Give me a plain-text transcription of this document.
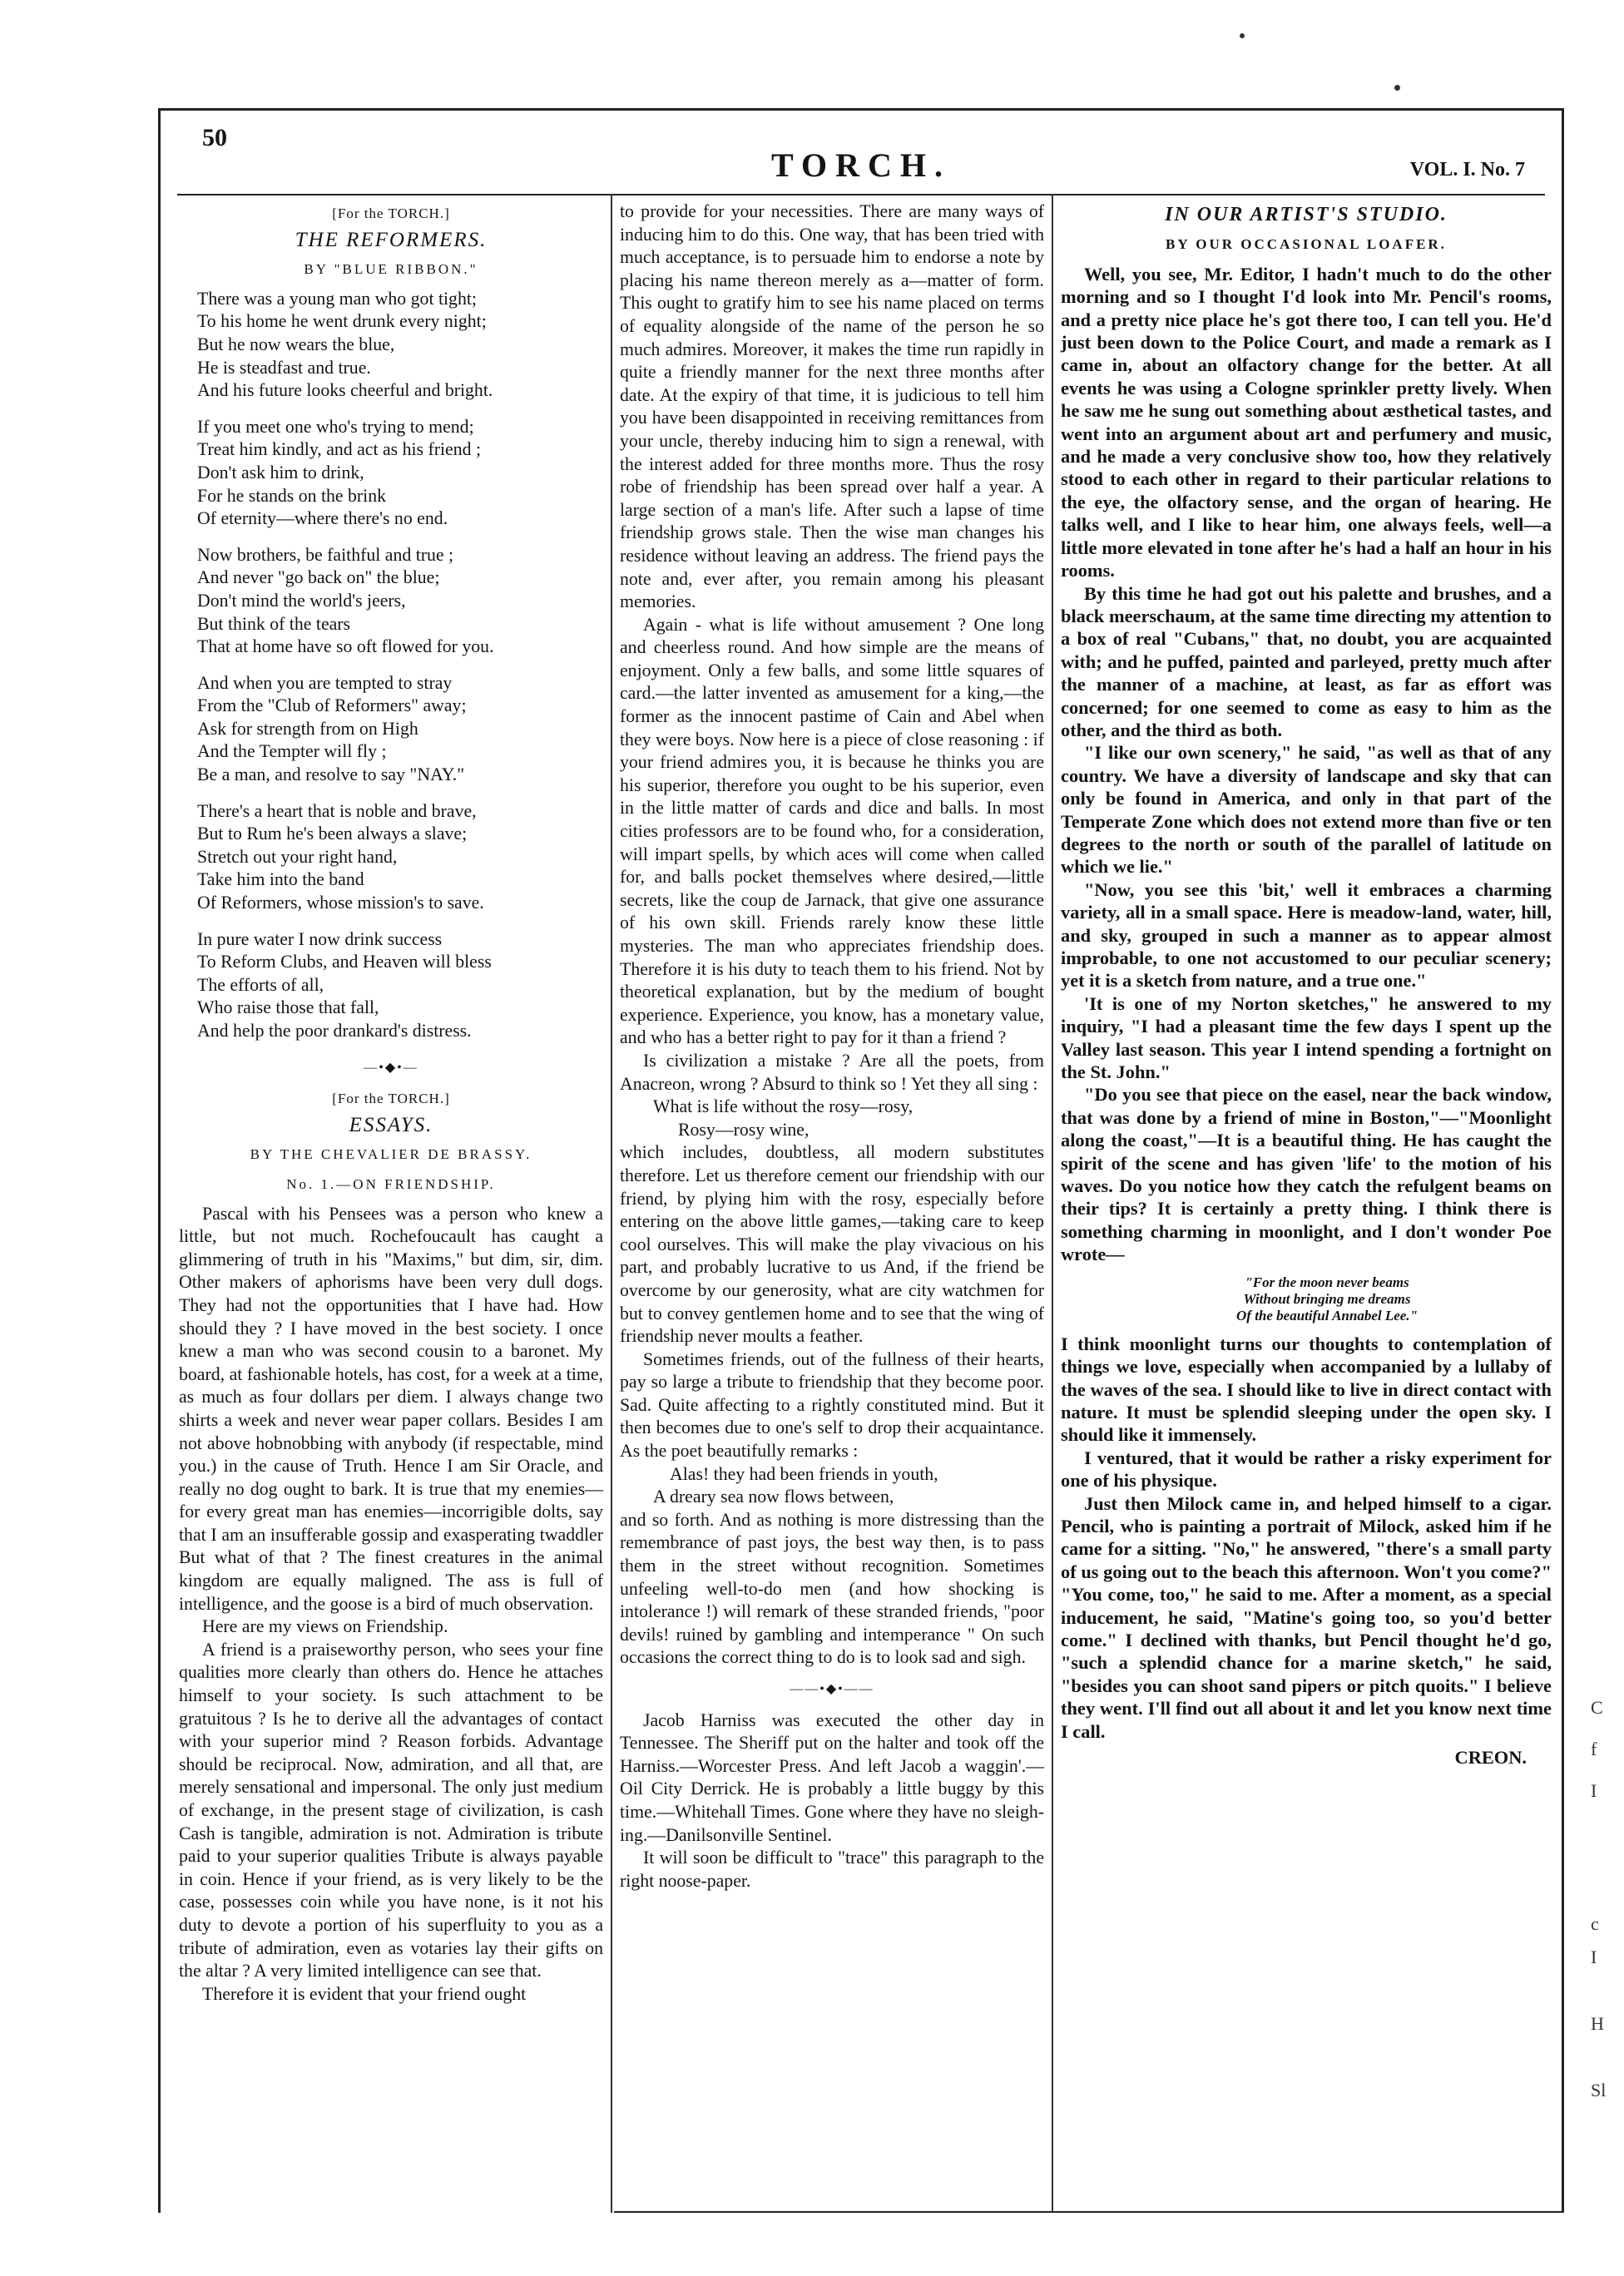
C
f
I
c
I
H
Sl
50
TORCH.	VOL. I. No. 7

[For the TORCH.]

THE REFORMERS.

BY "BLUE RIBBON."

There was a young man who got tight;
To his home he went drunk every night;
But he now wears the blue,
He is steadfast and true.
And his future looks cheerful and bright.
If you meet one who's trying to mend;
Treat him kindly, and act as his friend ;
Don't ask him to drink,
For he stands on the brink
Of eternity—where there's no end.
Now brothers, be faithful and true ;
And never "go back on" the blue;
Don't mind the world's jeers,
But think of the tears
That at home have so oft flowed for you.
And when you are tempted to stray
From the "Club of Reformers" away;
Ask for strength from on High
And the Tempter will fly ;
Be a man, and resolve to say "NAY."
There's a heart that is noble and brave,
But to Rum he's been always a slave;
Stretch out your right hand,
Take him into the band
Of Reformers, whose mission's to save.
In pure water I now drink success
To Reform Clubs, and Heaven will bless
The efforts of all,
Who raise those that fall,
And help the poor drankard's distress.

—•◆•—

[For the TORCH.]

ESSAYS.

BY THE CHEVALIER DE BRASSY.

No. 1.—ON FRIENDSHIP.

Pascal with his Pensees was a person who knew a little, but not much. Rochefoucault has caught a glimmering of truth in his "Maxims," but dim, sir, dim. Other makers of aphorisms have been very dull dogs. They had not the opportunities that I have had. How should they ? I have moved in the best society. I once knew a man who was second cousin to a baronet. My board, at fashionable hotels, has cost, for a week at a time, as much as four dollars per diem. I always change two shirts a week and never wear paper collars. Besides I am not above hobnobbing with anybody (if respectable, mind you.) in the cause of Truth. Hence I am Sir Oracle, and really no dog ought to bark. It is true that my enemies—for every great man has enemies—incorrigible dolts, say that I am an insufferable gossip and exasperating twaddler But what of that ? The finest creatures in the animal kingdom are equally maligned. The ass is full of intelligence, and the goose is a bird of much observation.

Here are my views on Friendship.

A friend is a praiseworthy person, who sees your fine qualities more clearly than others do. Hence he attaches himself to your society. Is such attachment to be gratuitous ? Is he to derive all the advantages of contact with your superior mind ? Reason forbids. Advantage should be reciprocal. Now, admiration, and all that, are merely sensational and impersonal. The only just medium of exchange, in the present stage of civilization, is cash Cash is tangible, admiration is not. Admiration is tribute paid to your superior qualities Tribute is always payable in coin. Hence if your friend, as is very likely to be the case, possesses coin while you have none, is it not his duty to devote a portion of his superfluity to you as a tribute of admiration, even as votaries lay their gifts on the altar ? A very limited intelligence can see that.

Therefore it is evident that your friend ought

to provide for your necessities. There are many ways of inducing him to do this. One way, that has been tried with much acceptance, is to persuade him to endorse a note by placing his name thereon merely as a—matter of form. This ought to gratify him to see his name placed on terms of equality alongside of the name of the person he so much admires. Moreover, it makes the time run rapidly in quite a friendly manner for the next three months after date. At the expiry of that time, it is judicious to tell him you have been disappointed in receiving remittances from your uncle, thereby inducing him to sign a renewal, with the interest added for three months more. Thus the rosy robe of friendship has been spread over half a year. A large section of a man's life. After such a lapse of time friendship grows stale. Then the wise man changes his residence without leaving an address. The friend pays the note and, ever after, you remain among his pleasant memories.

Again - what is life without amusement ? One long and cheerless round. And how simple are the means of enjoyment. Only a few balls, and some little squares of card.—the latter invented as amusement for a king,—the former as the innocent pastime of Cain and Abel when they were boys. Now here is a piece of close reasoning : if your friend admires you, it is because he thinks you are his superior, therefore you ought to be his superior, even in the little matter of cards and dice and balls. In most cities professors are to be found who, for a consideration, will impart spells, by which aces will come when called for, and balls pocket themselves where desired,—little secrets, like the coup de Jarnack, that give one assurance of his own skill. Friends rarely know these little mysteries. The man who appreciates friendship does. Therefore it is his duty to teach them to his friend. Not by theoretical explanation, but by the medium of bought experience. Experience, you know, has a monetary value, and who has a better right to pay for it than a friend ?

Is civilization a mistake ? Are all the poets, from Anacreon, wrong ? Absurd to think so ! Yet they all sing :

What is life without the rosy—rosy,

Rosy—rosy wine,

which includes, doubtless, all modern substitutes therefore. Let us therefore cement our friendship with our friend, by plying him with the rosy, especially before entering on the above little games,—taking care to keep cool ourselves. This will make the play vivacious on his part, and probably lucrative to us And, if the friend be overcome by our generosity, what are city watchmen for but to convey gentlemen home and to see that the wing of friendship never moults a feather.

Sometimes friends, out of the fullness of their hearts, pay so large a tribute to friendship that they become poor. Sad. Quite affecting to a rightly constituted mind. But it then becomes due to one's self to drop their acquaintance. As the poet beautifully remarks :

Alas! they had been friends in youth,

A dreary sea now flows between,

and so forth. And as nothing is more distressing than the remembrance of past joys, the best way then, is to pass them in the street without recognition. Sometimes unfeeling well-to-do men (and how shocking is intolerance !) will remark of these stranded friends, "poor devils! ruined by gambling and intemperance " On such occasions the correct thing to do is to look sad and sigh.

——•◆•——

Jacob Harniss was executed the other day in Tennessee. The Sheriff put on the halter and took off the Harniss.—Worcester Press. And left Jacob a waggin'.—Oil City Derrick. He is probably a little buggy by this time.—Whitehall Times. Gone where they have no sleigh-ing.—Danilsonville Sentinel.

It will soon be difficult to "trace" this paragraph to the right noose-paper.

IN OUR ARTIST'S STUDIO.

BY OUR OCCASIONAL LOAFER.

Well, you see, Mr. Editor, I hadn't much to do the other morning and so I thought I'd look into Mr. Pencil's rooms, and a pretty nice place he's got there too, I can tell you. He'd just been down to the Police Court, and made a remark as I came in, about an olfactory change for the better. At all events he was using a Cologne sprinkler pretty lively. When he saw me he sung out something about æsthetical tastes, and went into an argument about art and perfumery and music, and he made a very conclusive show too, how they relatively stood to each other in regard to their particular relations to the eye, the olfactory sense, and the organ of hearing. He talks well, and I like to hear him, one always feels, well—a little more elevated in tone after he's had a half an hour in his rooms.

By this time he had got out his palette and brushes, and a black meerschaum, at the same time directing my attention to a box of real "Cubans," that, no doubt, you are acquainted with; and he puffed, painted and parleyed, pretty much after the manner of a machine, at least, as far as effort was concerned; for one seemed to come as easy to him as the other, and the third as both.

"I like our own scenery," he said, "as well as that of any country. We have a diversity of landscape and sky that can only be found in America, and only in that part of the Temperate Zone which does not extend more than five or ten degrees to the north or south of the parallel of latitude on which we lie."

"Now, you see this 'bit,' well it embraces a charming variety, all in a small space. Here is meadow-land, water, hill, and sky, grouped in such a manner as to appear almost improbable, to one not accustomed to our peculiar scenery; yet it is a sketch from nature, and a true one."

'It is one of my Norton sketches," he answered to my inquiry, "I had a pleasant time the few days I spent up the Valley last season. This year I intend spending a fortnight on the St. John."

"Do you see that piece on the easel, near the back window, that was done by a friend of mine in Boston,"—"Moonlight along the coast,"—It is a beautiful thing. He has caught the spirit of the scene and has given 'life' to the motion of his waves. Do you notice how they catch the refulgent beams on their tips? It is certainly a pretty thing. I think there is something charming in moonlight, and I don't wonder Poe wrote—

"For the moon never beams
Without bringing me dreams
Of the beautiful Annabel Lee."

I think moonlight turns our thoughts to contemplation of things we love, especially when accompanied by a lullaby of the waves of the sea. I should like to live in direct contact with nature. It must be splendid sleeping under the open sky. I should like it immensely.

I ventured, that it would be rather a risky experiment for one of his physique.

Just then Milock came in, and helped himself to a cigar. Pencil, who is painting a portrait of Milock, asked him if he came for a sitting. "No," he answered, "there's a small party of us going out to the beach this afternoon. Won't you come?" "You come, too," he said to me. After a moment, as a special inducement, he said, "Matine's going too, so you'd better come." I declined with thanks, but Pencil thought he'd go, "such a splendid chance for a marine sketch," he said, "besides you can shoot sand pipers or pitch quoits." I believe they went. I'll find out all about it and let you know next time I call.

CREON.
